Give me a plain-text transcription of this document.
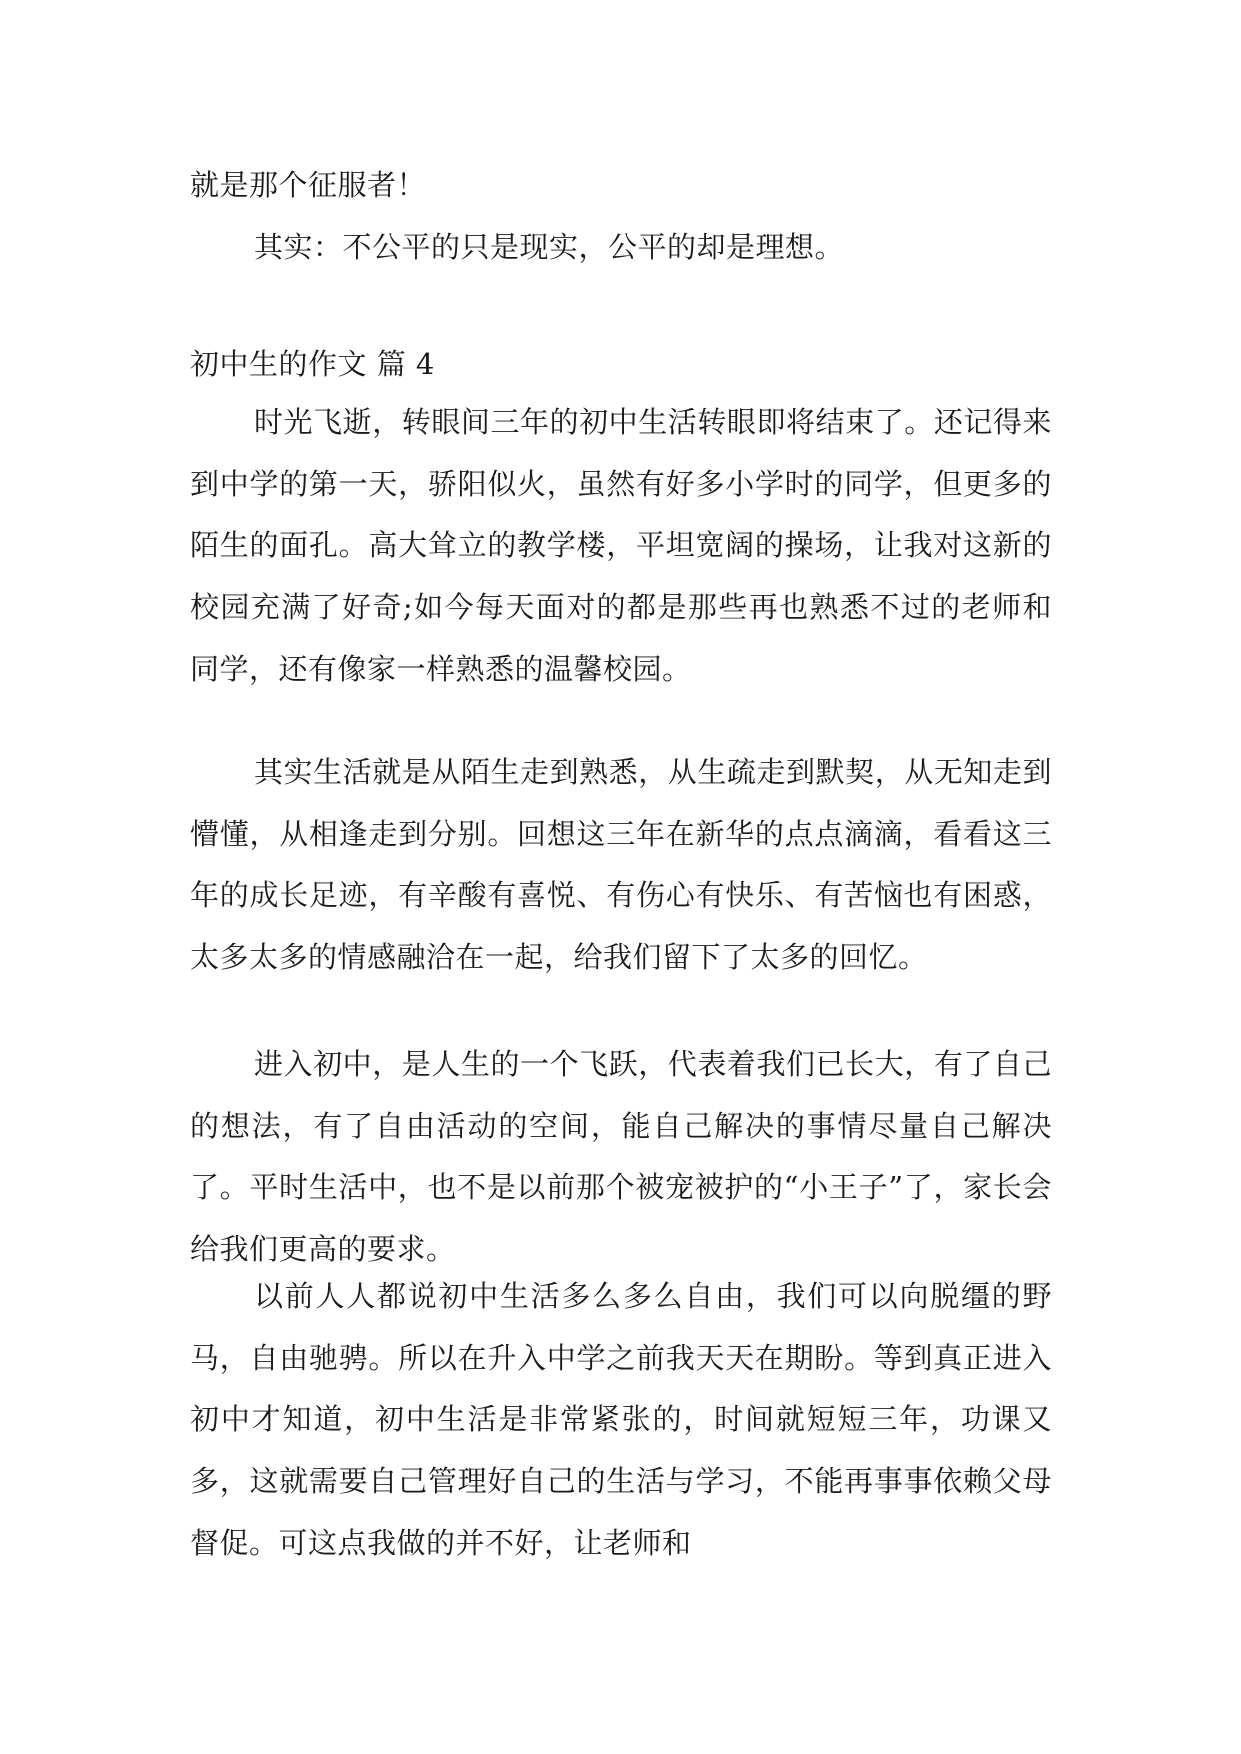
就是那个征服者！

其实：不公平的只是现实，公平的却是理想。

初中生的作文 篇 4

时光飞逝，转眼间三年的初中生活转眼即将结束了。还记得来到中学的第一天，骄阳似火，虽然有好多小学时的同学，但更多的陌生的面孔。高大耸立的教学楼，平坦宽阔的操场，让我对这新的校园充满了好奇;如今每天面对的都是那些再也熟悉不过的老师和同学，还有像家一样熟悉的温馨校园。

其实生活就是从陌生走到熟悉，从生疏走到默契，从无知走到懵懂，从相逢走到分别。回想这三年在新华的点点滴滴，看看这三年的成长足迹，有辛酸有喜悦、有伤心有快乐、有苦恼也有困惑，太多太多的情感融洽在一起，给我们留下了太多的回忆。

进入初中，是人生的一个飞跃，代表着我们已长大，有了自己的想法，有了自由活动的空间，能自己解决的事情尽量自己解决了。平时生活中，也不是以前那个被宠被护的“小王子”了，家长会给我们更高的要求。

以前人人都说初中生活多么多么自由，我们可以向脱缰的野马，自由驰骋。所以在升入中学之前我天天在期盼。等到真正进入初中才知道，初中生活是非常紧张的，时间就短短三年，功课又多，这就需要自己管理好自己的生活与学习，不能再事事依赖父母督促。可这点我做的并不好，让老师和
